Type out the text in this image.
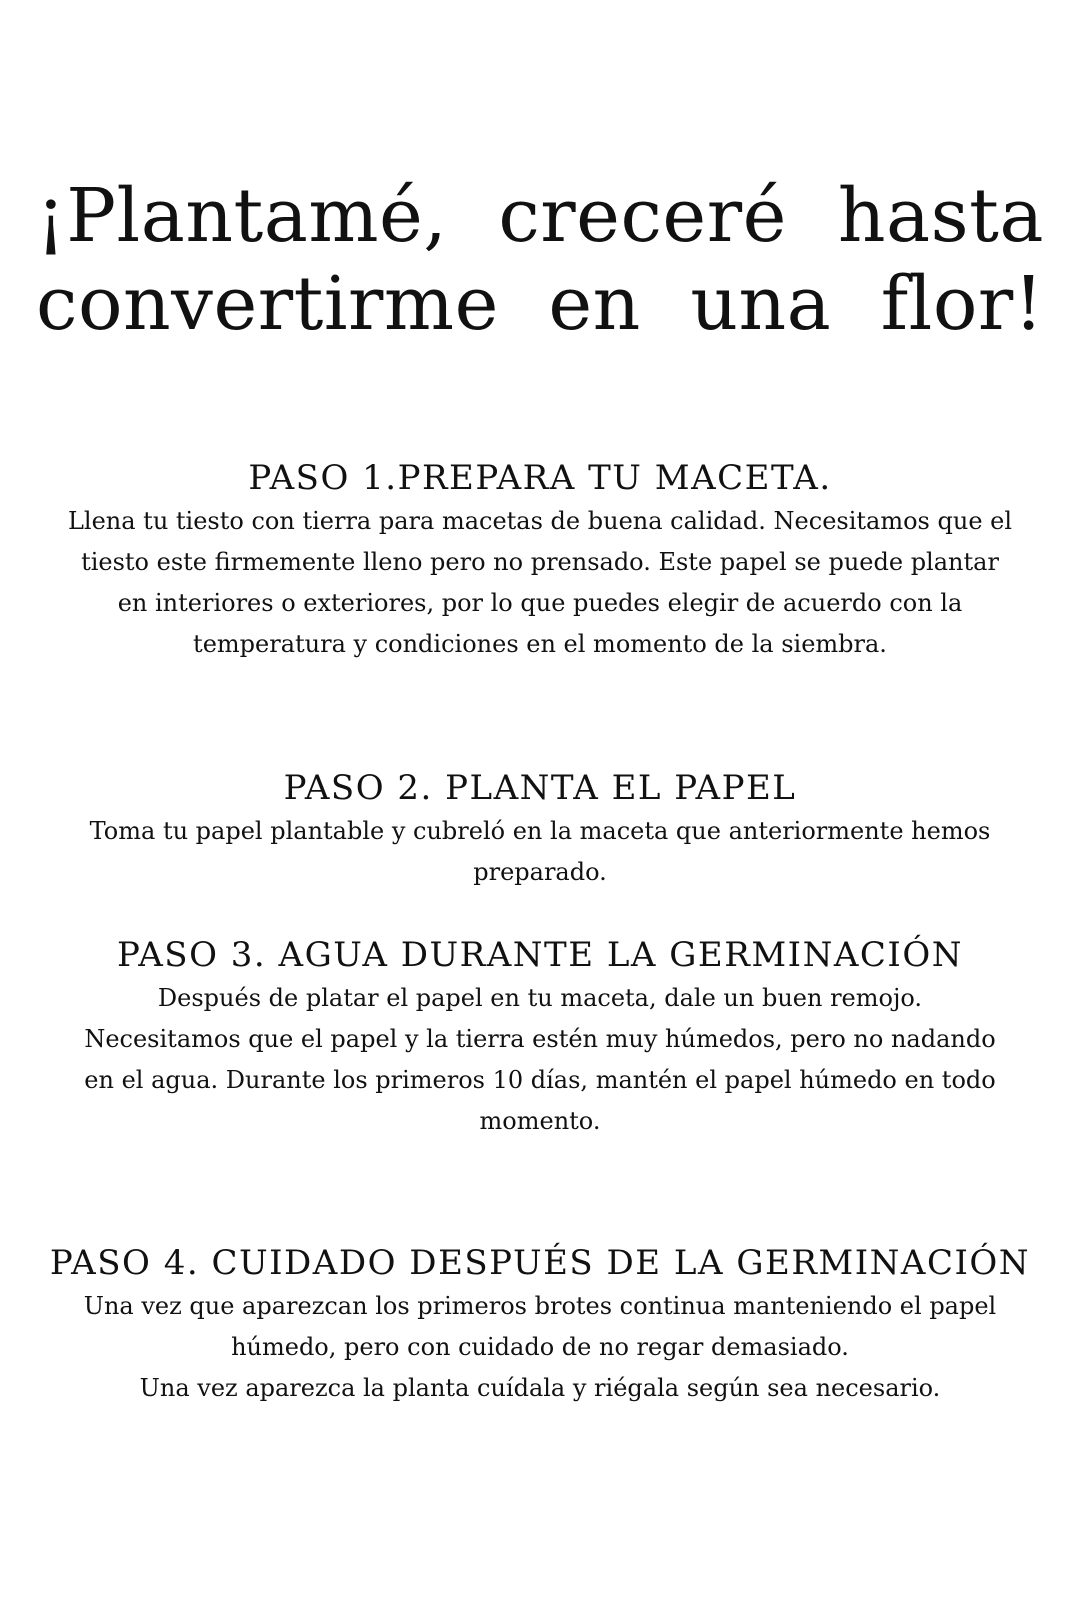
¡Plantamé, creceré hasta
convertirme en una flor!
PASO 1.PREPARA TU MACETA.

Llena tu tiesto con tierra para macetas de buena calidad. Necesitamos que el
tiesto este firmemente lleno pero no prensado. Este papel se puede plantar
en interiores o exteriores, por lo que puedes elegir de acuerdo con la
temperatura y condiciones en el momento de la siembra.

PASO 2. PLANTA EL PAPEL

Toma tu papel plantable y cubreló en la maceta que anteriormente hemos
preparado.

PASO 3. AGUA DURANTE LA GERMINACIÓN

Después de platar el papel en tu maceta, dale un buen remojo.
Necesitamos que el papel y la tierra estén muy húmedos, pero no nadando
en el agua. Durante los primeros 10 días, mantén el papel húmedo en todo
momento.

PASO 4. CUIDADO DESPUÉS DE LA GERMINACIÓN

Una vez que aparezcan los primeros brotes continua manteniendo el papel
húmedo, pero con cuidado de no regar demasiado.
Una vez aparezca la planta cuídala y riégala según sea necesario.
